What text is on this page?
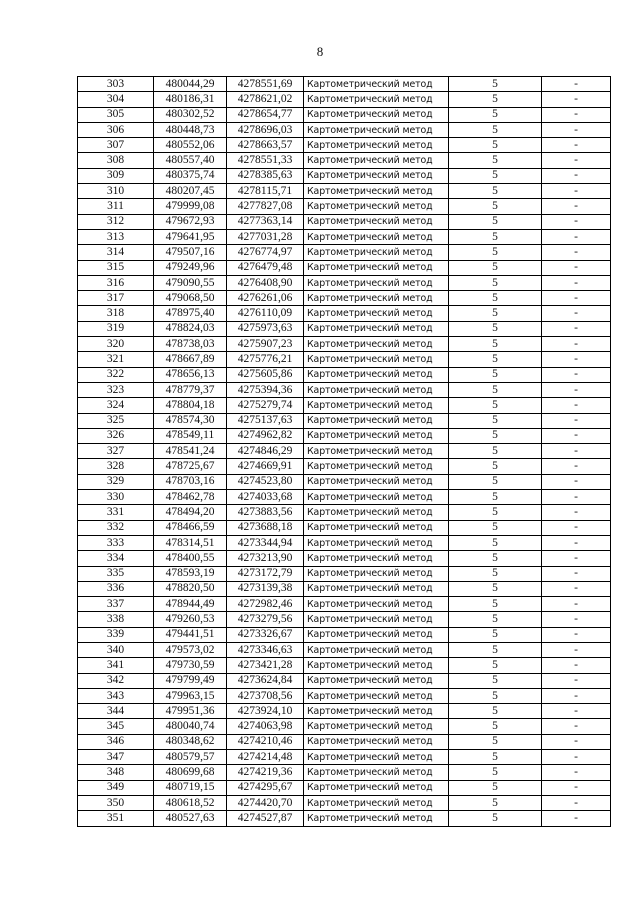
8
303	480044,29	4278551,69	Картометрический метод	5	-
304	480186,31	4278621,02	Картометрический метод	5	-
305	480302,52	4278654,77	Картометрический метод	5	-
306	480448,73	4278696,03	Картометрический метод	5	-
307	480552,06	4278663,57	Картометрический метод	5	-
308	480557,40	4278551,33	Картометрический метод	5	-
309	480375,74	4278385,63	Картометрический метод	5	-
310	480207,45	4278115,71	Картометрический метод	5	-
311	479999,08	4277827,08	Картометрический метод	5	-
312	479672,93	4277363,14	Картометрический метод	5	-
313	479641,95	4277031,28	Картометрический метод	5	-
314	479507,16	4276774,97	Картометрический метод	5	-
315	479249,96	4276479,48	Картометрический метод	5	-
316	479090,55	4276408,90	Картометрический метод	5	-
317	479068,50	4276261,06	Картометрический метод	5	-
318	478975,40	4276110,09	Картометрический метод	5	-
319	478824,03	4275973,63	Картометрический метод	5	-
320	478738,03	4275907,23	Картометрический метод	5	-
321	478667,89	4275776,21	Картометрический метод	5	-
322	478656,13	4275605,86	Картометрический метод	5	-
323	478779,37	4275394,36	Картометрический метод	5	-
324	478804,18	4275279,74	Картометрический метод	5	-
325	478574,30	4275137,63	Картометрический метод	5	-
326	478549,11	4274962,82	Картометрический метод	5	-
327	478541,24	4274846,29	Картометрический метод	5	-
328	478725,67	4274669,91	Картометрический метод	5	-
329	478703,16	4274523,80	Картометрический метод	5	-
330	478462,78	4274033,68	Картометрический метод	5	-
331	478494,20	4273883,56	Картометрический метод	5	-
332	478466,59	4273688,18	Картометрический метод	5	-
333	478314,51	4273344,94	Картометрический метод	5	-
334	478400,55	4273213,90	Картометрический метод	5	-
335	478593,19	4273172,79	Картометрический метод	5	-
336	478820,50	4273139,38	Картометрический метод	5	-
337	478944,49	4272982,46	Картометрический метод	5	-
338	479260,53	4273279,56	Картометрический метод	5	-
339	479441,51	4273326,67	Картометрический метод	5	-
340	479573,02	4273346,63	Картометрический метод	5	-
341	479730,59	4273421,28	Картометрический метод	5	-
342	479799,49	4273624,84	Картометрический метод	5	-
343	479963,15	4273708,56	Картометрический метод	5	-
344	479951,36	4273924,10	Картометрический метод	5	-
345	480040,74	4274063,98	Картометрический метод	5	-
346	480348,62	4274210,46	Картометрический метод	5	-
347	480579,57	4274214,48	Картометрический метод	5	-
348	480699,68	4274219,36	Картометрический метод	5	-
349	480719,15	4274295,67	Картометрический метод	5	-
350	480618,52	4274420,70	Картометрический метод	5	-
351	480527,63	4274527,87	Картометрический метод	5	-
